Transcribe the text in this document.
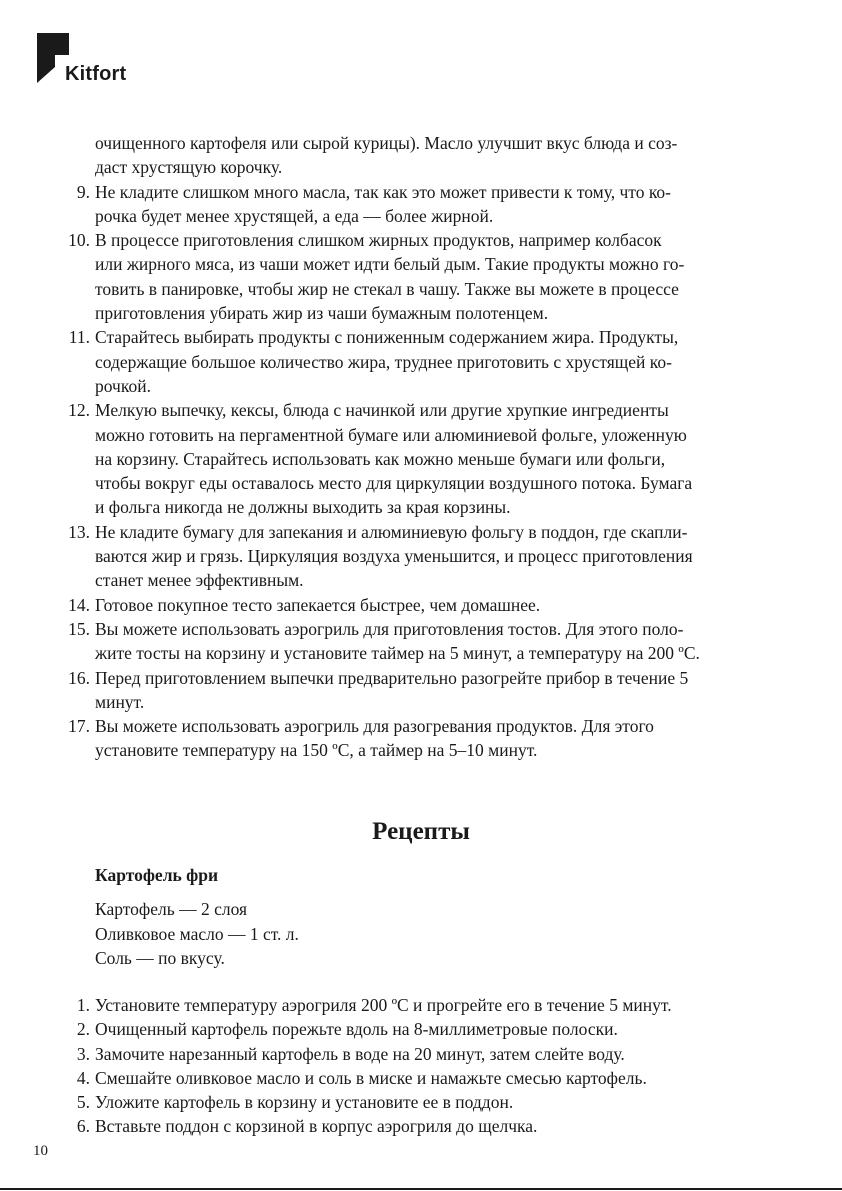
Kitfort
очищенного картофеля или сырой курицы). Масло улучшит вкус блюда и соз-
даст хрустящую корочку.
9. Не кладите слишком много масла, так как это может привести к тому, что ко-
рочка будет менее хрустящей, а еда — более жирной.
10. В процессе приготовления слишком жирных продуктов, например колбасок
или жирного мяса, из чаши может идти белый дым. Такие продукты можно го-
товить в панировке, чтобы жир не стекал в чашу. Также вы можете в процессе
приготовления убирать жир из чаши бумажным полотенцем.
11. Старайтесь выбирать продукты с пониженным содержанием жира. Продукты,
содержащие большое количество жира, труднее приготовить с хрустящей ко-
рочкой.
12. Мелкую выпечку, кексы, блюда с начинкой или другие хрупкие ингредиенты
можно готовить на пергаментной бумаге или алюминиевой фольге, уложенную
на корзину. Старайтесь использовать как можно меньше бумаги или фольги,
чтобы вокруг еды оставалось место для циркуляции воздушного потока. Бумага
и фольга никогда не должны выходить за края корзины.
13. Не кладите бумагу для запекания и алюминиевую фольгу в поддон, где скапли-
ваются жир и грязь. Циркуляция воздуха уменьшится, и процесс приготовления
станет менее эффективным.
14. Готовое покупное тесто запекается быстрее, чем домашнее.
15. Вы можете использовать аэрогриль для приготовления тостов. Для этого поло-
жите тосты на корзину и установите таймер на 5 минут, а температуру на 200 ºC.
16. Перед приготовлением выпечки предварительно разогрейте прибор в течение 5
минут.
17. Вы можете использовать аэрогриль для разогревания продуктов. Для этого
установите температуру на 150 ºC, а таймер на 5–10 минут.
Рецепты
Картофель фри
Картофель — 2 слоя
Оливковое масло — 1 ст. л.
Соль — по вкусу.
1. Установите температуру аэрогриля 200 ºC и прогрейте его в течение 5 минут.
2. Очищенный картофель порежьте вдоль на 8-миллиметровые полоски.
3. Замочите нарезанный картофель в воде на 20 минут, затем слейте воду.
4. Смешайте оливковое масло и соль в миске и намажьте смесью картофель.
5. Уложите картофель в корзину и установите ее в поддон.
6. Вставьте поддон с корзиной в корпус аэрогриля до щелчка.
10
